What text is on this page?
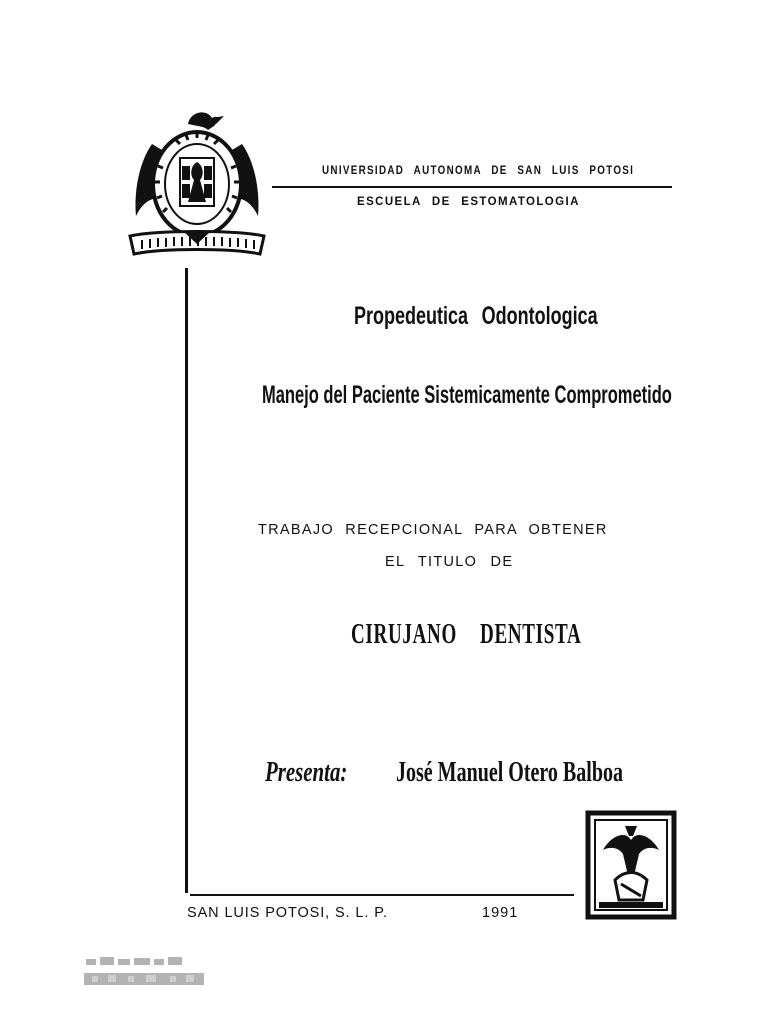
UNIVERSIDAD AUTONOMA DE SAN LUIS POTOSI
ESCUELA DE ESTOMATOLOGIA
Propedeutica Odontologica
Manejo del Paciente Sistemicamente Comprometido
TRABAJO RECEPCIONAL PARA OBTENER
EL TITULO DE
CIRUJANO DENTISTA
Presenta: José Manuel Otero Balboa
SAN LUIS POTOSI, S. L. P.	1991
